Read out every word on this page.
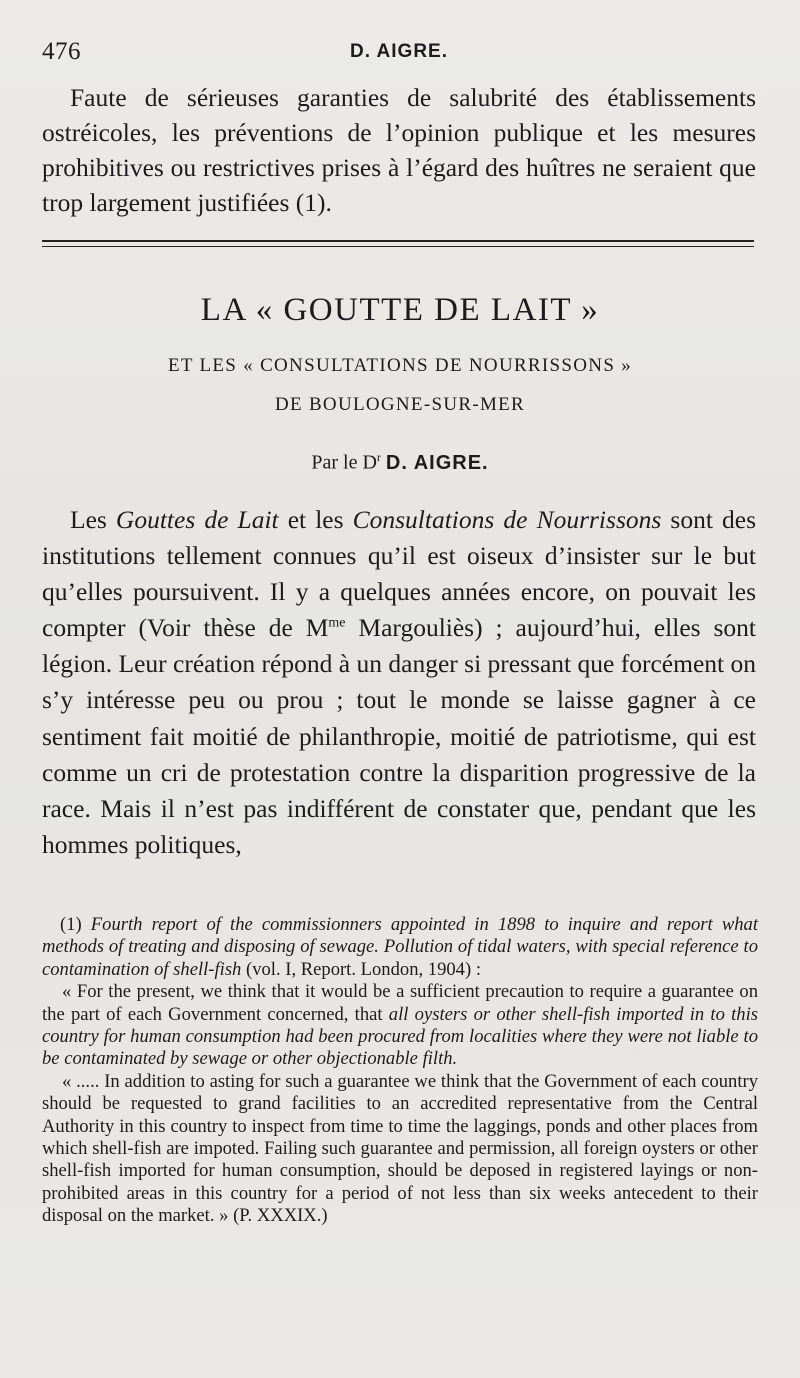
476	D. AIGRE.

Faute de sérieuses garanties de salubrité des établissements ostréicoles, les préventions de l’opinion publique et les mesures prohibitives ou restrictives prises à l’égard des huîtres ne seraient que trop largement justifiées (1).

LA « GOUTTE DE LAIT »
ET LES « CONSULTATIONS DE NOURRISSONS »
DE BOULOGNE-SUR-MER
Par le $D^r$ D. AIGRE.

Les Gouttes de Lait et les Consultations de Nourrissons sont des institutions tellement connues qu’il est oiseux d’insister sur le but qu’elles poursuivent. Il y a quelques années encore, on pouvait les compter (Voir thèse de $M^{me}$ Margouliès) ; aujourd’hui, elles sont légion. Leur création répond à un danger si pressant que forcément on s’y intéresse peu ou prou ; tout le monde se laisse gagner à ce sentiment fait moitié de philanthropie, moitié de patriotisme, qui est comme un cri de protestation contre la disparition progressive de la race. Mais il n’est pas indifférent de constater que, pendant que les hommes politiques,

(1) Fourth report of the commissionners appointed in 1898 to inquire and report what methods of treating and disposing of sewage. Pollution of tidal waters, with special reference to contamination of shell-fish (vol. I, Report. London, 1904) :

« For the present, we think that it would be a sufficient precaution to require a guarantee on the part of each Government concerned, that all oysters or other shell-fish imported in to this country for human consumption had been procured from localities where they were not liable to be contaminated by sewage or other objectionable filth.

« ..... In addition to asting for such a guarantee we think that the Government of each country should be requested to grand facilities to an accredited representative from the Central Authority in this country to inspect from time to time the laggings, ponds and other places from which shell-fish are impoted. Failing such guarantee and permission, all foreign oysters or other shell-fish imported for human consumption, should be deposed in registered layings or non-prohibited areas in this country for a period of not less than six weeks antecedent to their disposal on the market. » (P. XXXIX.)
